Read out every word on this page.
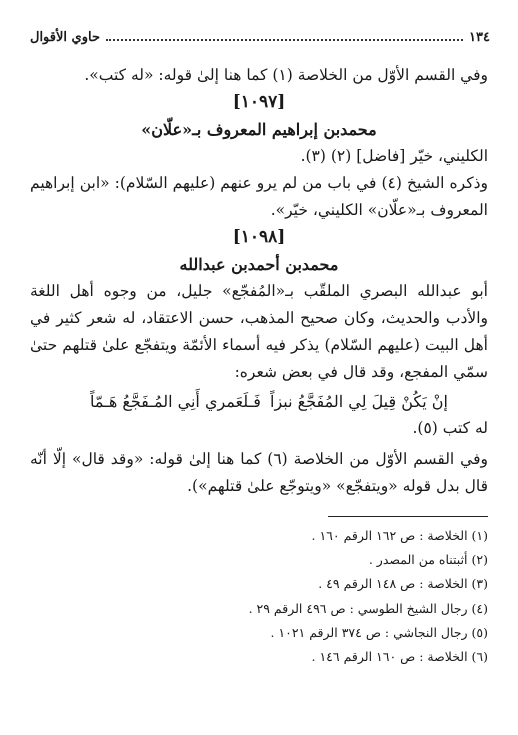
١٣٤
حاوي الأقوال

وفي القسم الأوّل من الخلاصة (١) كما هنا إلىٰ قوله: «له كتب».

[١٠٩٧]

محمدبن إبراهيم المعروف بـ«علّان»

الكليني، خيّر [فاضل] (٢) (٣).

وذكره الشيخ (٤) في باب من لم يرو عنهم (عليهم السّلام): «ابن إبراهيم المعروف بـ«علّان» الكليني، خيّر».

[١٠٩٨]

محمدبن أحمدبن عبدالله

أبو عبدالله البصري الملقّب بـ«المُفجّع» جليل، من وجوه أهل اللغة والأدب والحديث، وكان صحيح المذهب، حسن الاعتقاد، له شعر كثير في أهل البيت (عليهم السّلام) يذكر فيه أسماء الأئمّة ويتفجّع علىٰ قتلهم حتىٰ سمّي المفجع، وقد قال في بعض شعره:

إنْ يَكُنْ قِيلَ لِي المُفَجَّعُ نبزاً
فَـلَعَمري أَنِي المُـفَجَّعُ هَـمّاً

له كتب (٥).

وفي القسم الأوّل من الخلاصة (٦) كما هنا إلىٰ قوله: «وقد قال» إلّا أنّه قال بدل قوله «ويتفجّع» «ويتوجّع علىٰ قتلهم»).

(١) الخلاصة : ص ١٦٢ الرقم ١٦٠ .
(٢) أثبتناه من المصدر .
(٣) الخلاصة : ص ١٤٨ الرقم ٤٩ .
(٤) رجال الشيخ الطوسي : ص ٤٩٦ الرقم ٢٩ .
(٥) رجال النجاشي : ص ٣٧٤ الرقم ١٠٢١ .
(٦) الخلاصة : ص ١٦٠ الرقم ١٤٦ .
